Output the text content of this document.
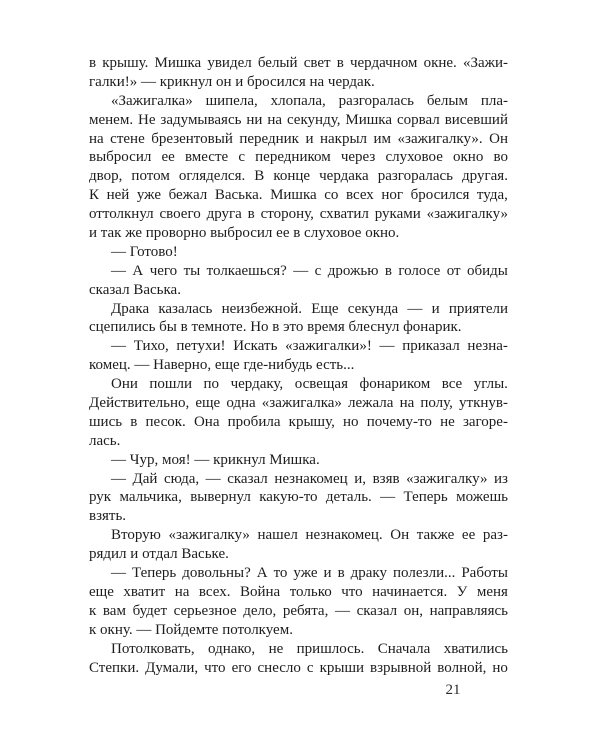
в крышу. Мишка увидел белый свет в чердачном окне. «Зажи-
галки!» — крикнул он и бросился на чердак.
«Зажигалка» шипела, хлопала, разгоралась белым пла-
менем. Не задумываясь ни на секунду, Мишка сорвал висевший
на стене брезентовый передник и накрыл им «зажигалку». Он
выбросил ее вместе с передником через слуховое окно во
двор, потом огляделся. В конце чердака разгоралась другая.
К ней уже бежал Васька. Мишка со всех ног бросился туда,
оттолкнул своего друга в сторону, схватил руками «зажигалку»
и так же проворно выбросил ее в слуховое окно.
— Готово!
— А чего ты толкаешься? — с дрожью в голосе от обиды
сказал Васька.
Драка казалась неизбежной. Еще секунда — и приятели
сцепились бы в темноте. Но в это время блеснул фонарик.
— Тихо, петухи! Искать «зажигалки»! — приказал незна-
комец. — Наверно, еще где-нибудь есть...
Они пошли по чердаку, освещая фонариком все углы.
Действительно, еще одна «зажигалка» лежала на полу, уткнув-
шись в песок. Она пробила крышу, но почему-то не загоре-
лась.
— Чур, моя! — крикнул Мишка.
— Дай сюда, — сказал незнакомец и, взяв «зажигалку» из
рук мальчика, вывернул какую-то деталь. — Теперь можешь
взять.
Вторую «зажигалку» нашел незнакомец. Он также ее раз-
рядил и отдал Ваське.
— Теперь довольны? А то уже и в драку полезли... Работы
еще хватит на всех. Война только что начинается. У меня
к вам будет серьезное дело, ребята, — сказал он, направляясь
к окну. — Пойдемте потолкуем.
Потолковать, однако, не пришлось. Сначала хватились
Степки. Думали, что его снесло с крыши взрывной волной, но
21
